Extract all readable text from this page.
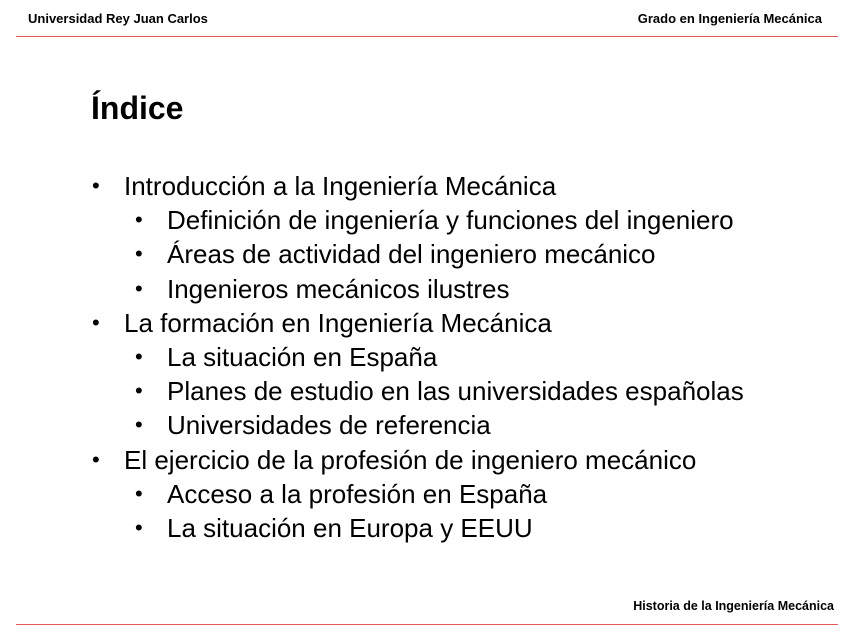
Universidad Rey Juan Carlos	Grado en Ingeniería Mecánica
Índice
• Introducción a la Ingeniería Mecánica
• Definición de ingeniería y funciones del ingeniero
• Áreas de actividad del ingeniero mecánico
• Ingenieros mecánicos ilustres
• La formación en Ingeniería Mecánica
• La situación en España
• Planes de estudio en las universidades españolas
• Universidades de referencia
• El ejercicio de la profesión de ingeniero mecánico
• Acceso a la profesión en España
• La situación en Europa y EEUU
Historia de la Ingeniería Mecánica
